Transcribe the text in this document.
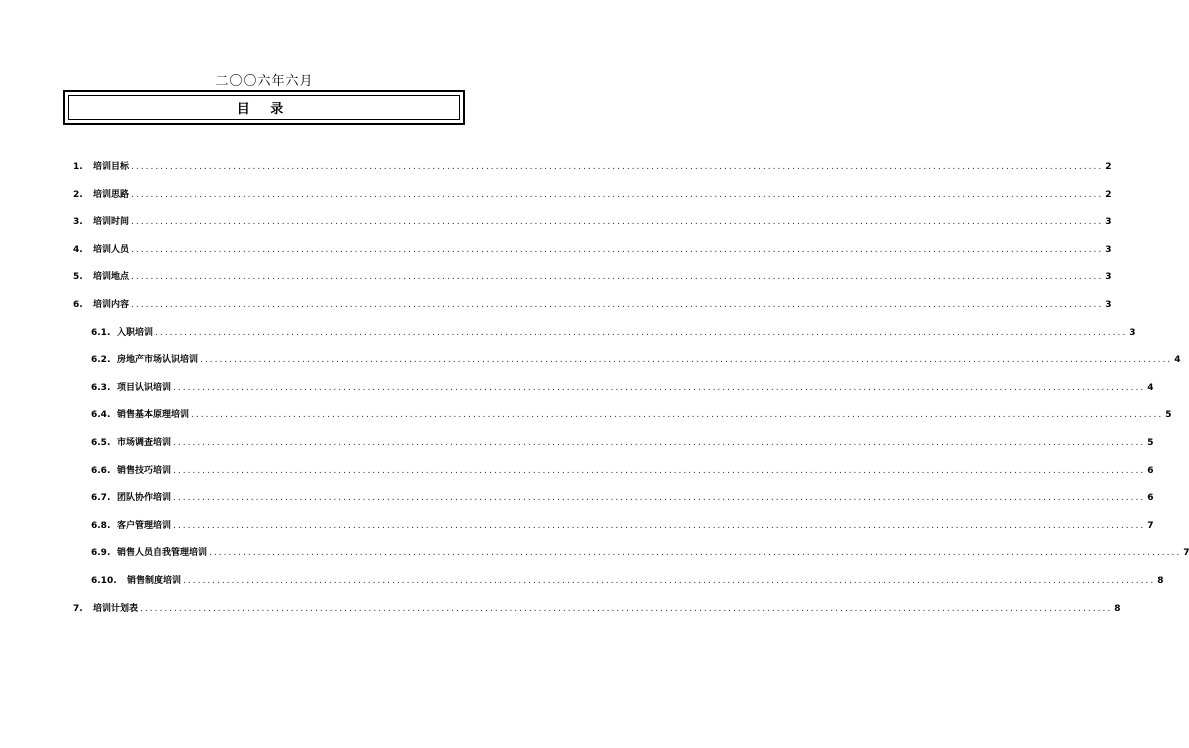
二〇〇六年六月
目 录
1.	培训目标 ........................................................................................................................................................................................................ 2
2.	培训思路 ........................................................................................................................................................................................................ 2
3.	培训时间 ........................................................................................................................................................................................................ 3
4.	培训人员 ........................................................................................................................................................................................................ 3
5.	培训地点 ........................................................................................................................................................................................................ 3
6.	培训内容 ........................................................................................................................................................................................................ 3
6.1. 入职培训 ........................................................................................................................................................................................................ 3
6.2. 房地产市场认识培训 ........................................................................................................................................................................................................ 4
6.3. 项目认识培训 ........................................................................................................................................................................................................ 4
6.4. 销售基本原理培训 ........................................................................................................................................................................................................ 5
6.5. 市场调查培训 ........................................................................................................................................................................................................ 5
6.6. 销售技巧培训 ........................................................................................................................................................................................................ 6
6.7. 团队协作培训 ........................................................................................................................................................................................................ 6
6.8. 客户管理培训 ........................................................................................................................................................................................................ 7
6.9. 销售人员自我管理培训 ........................................................................................................................................................................................................ 7
6.10.	销售制度培训 ........................................................................................................................................................................................................ 8
7.	培训计划表 ........................................................................................................................................................................................................ 8
